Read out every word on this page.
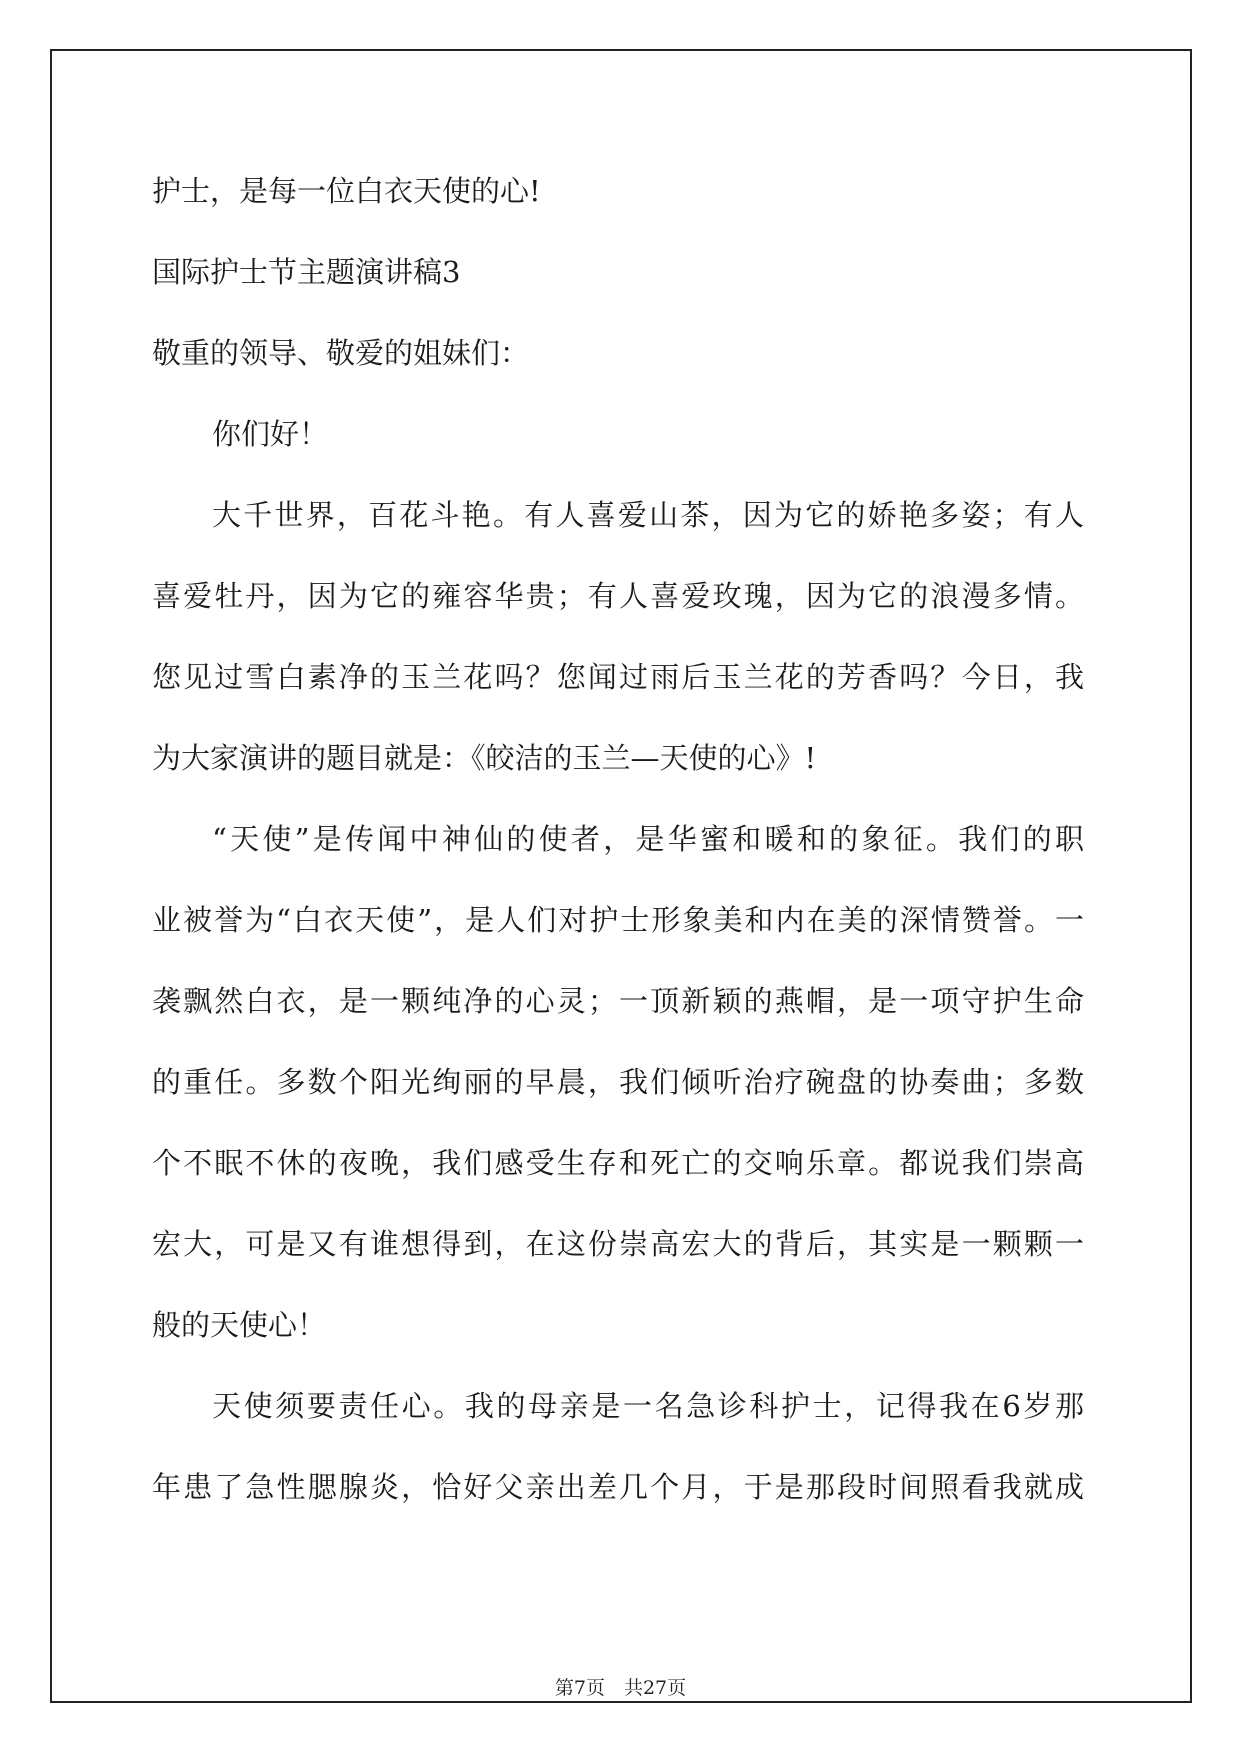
护士，是每一位白衣天使的心!
国际护士节主题演讲稿3
敬重的领导、敬爱的姐妹们：
你们好！
大千世界，百花斗艳。有人喜爱山茶，因为它的娇艳多姿；有人
喜爱牡丹，因为它的雍容华贵；有人喜爱玫瑰，因为它的浪漫多情。
您见过雪白素净的玉兰花吗？您闻过雨后玉兰花的芳香吗？今日，我
为大家演讲的题目就是：《皎洁的玉兰—天使的心》!
“天使”是传闻中神仙的使者，是华蜜和暖和的象征。我们的职
业被誉为“白衣天使”，是人们对护士形象美和内在美的深情赞誉。一
袭飘然白衣，是一颗纯净的心灵；一顶新颖的燕帽，是一项守护生命
的重任。多数个阳光绚丽的早晨，我们倾听治疗碗盘的协奏曲；多数
个不眠不休的夜晚，我们感受生存和死亡的交响乐章。都说我们崇高
宏大，可是又有谁想得到，在这份崇高宏大的背后，其实是一颗颗一
般的天使心！
天使须要责任心。我的母亲是一名急诊科护士，记得我在6岁那
年患了急性腮腺炎，恰好父亲出差几个月，于是那段时间照看我就成
第7页　共27页
